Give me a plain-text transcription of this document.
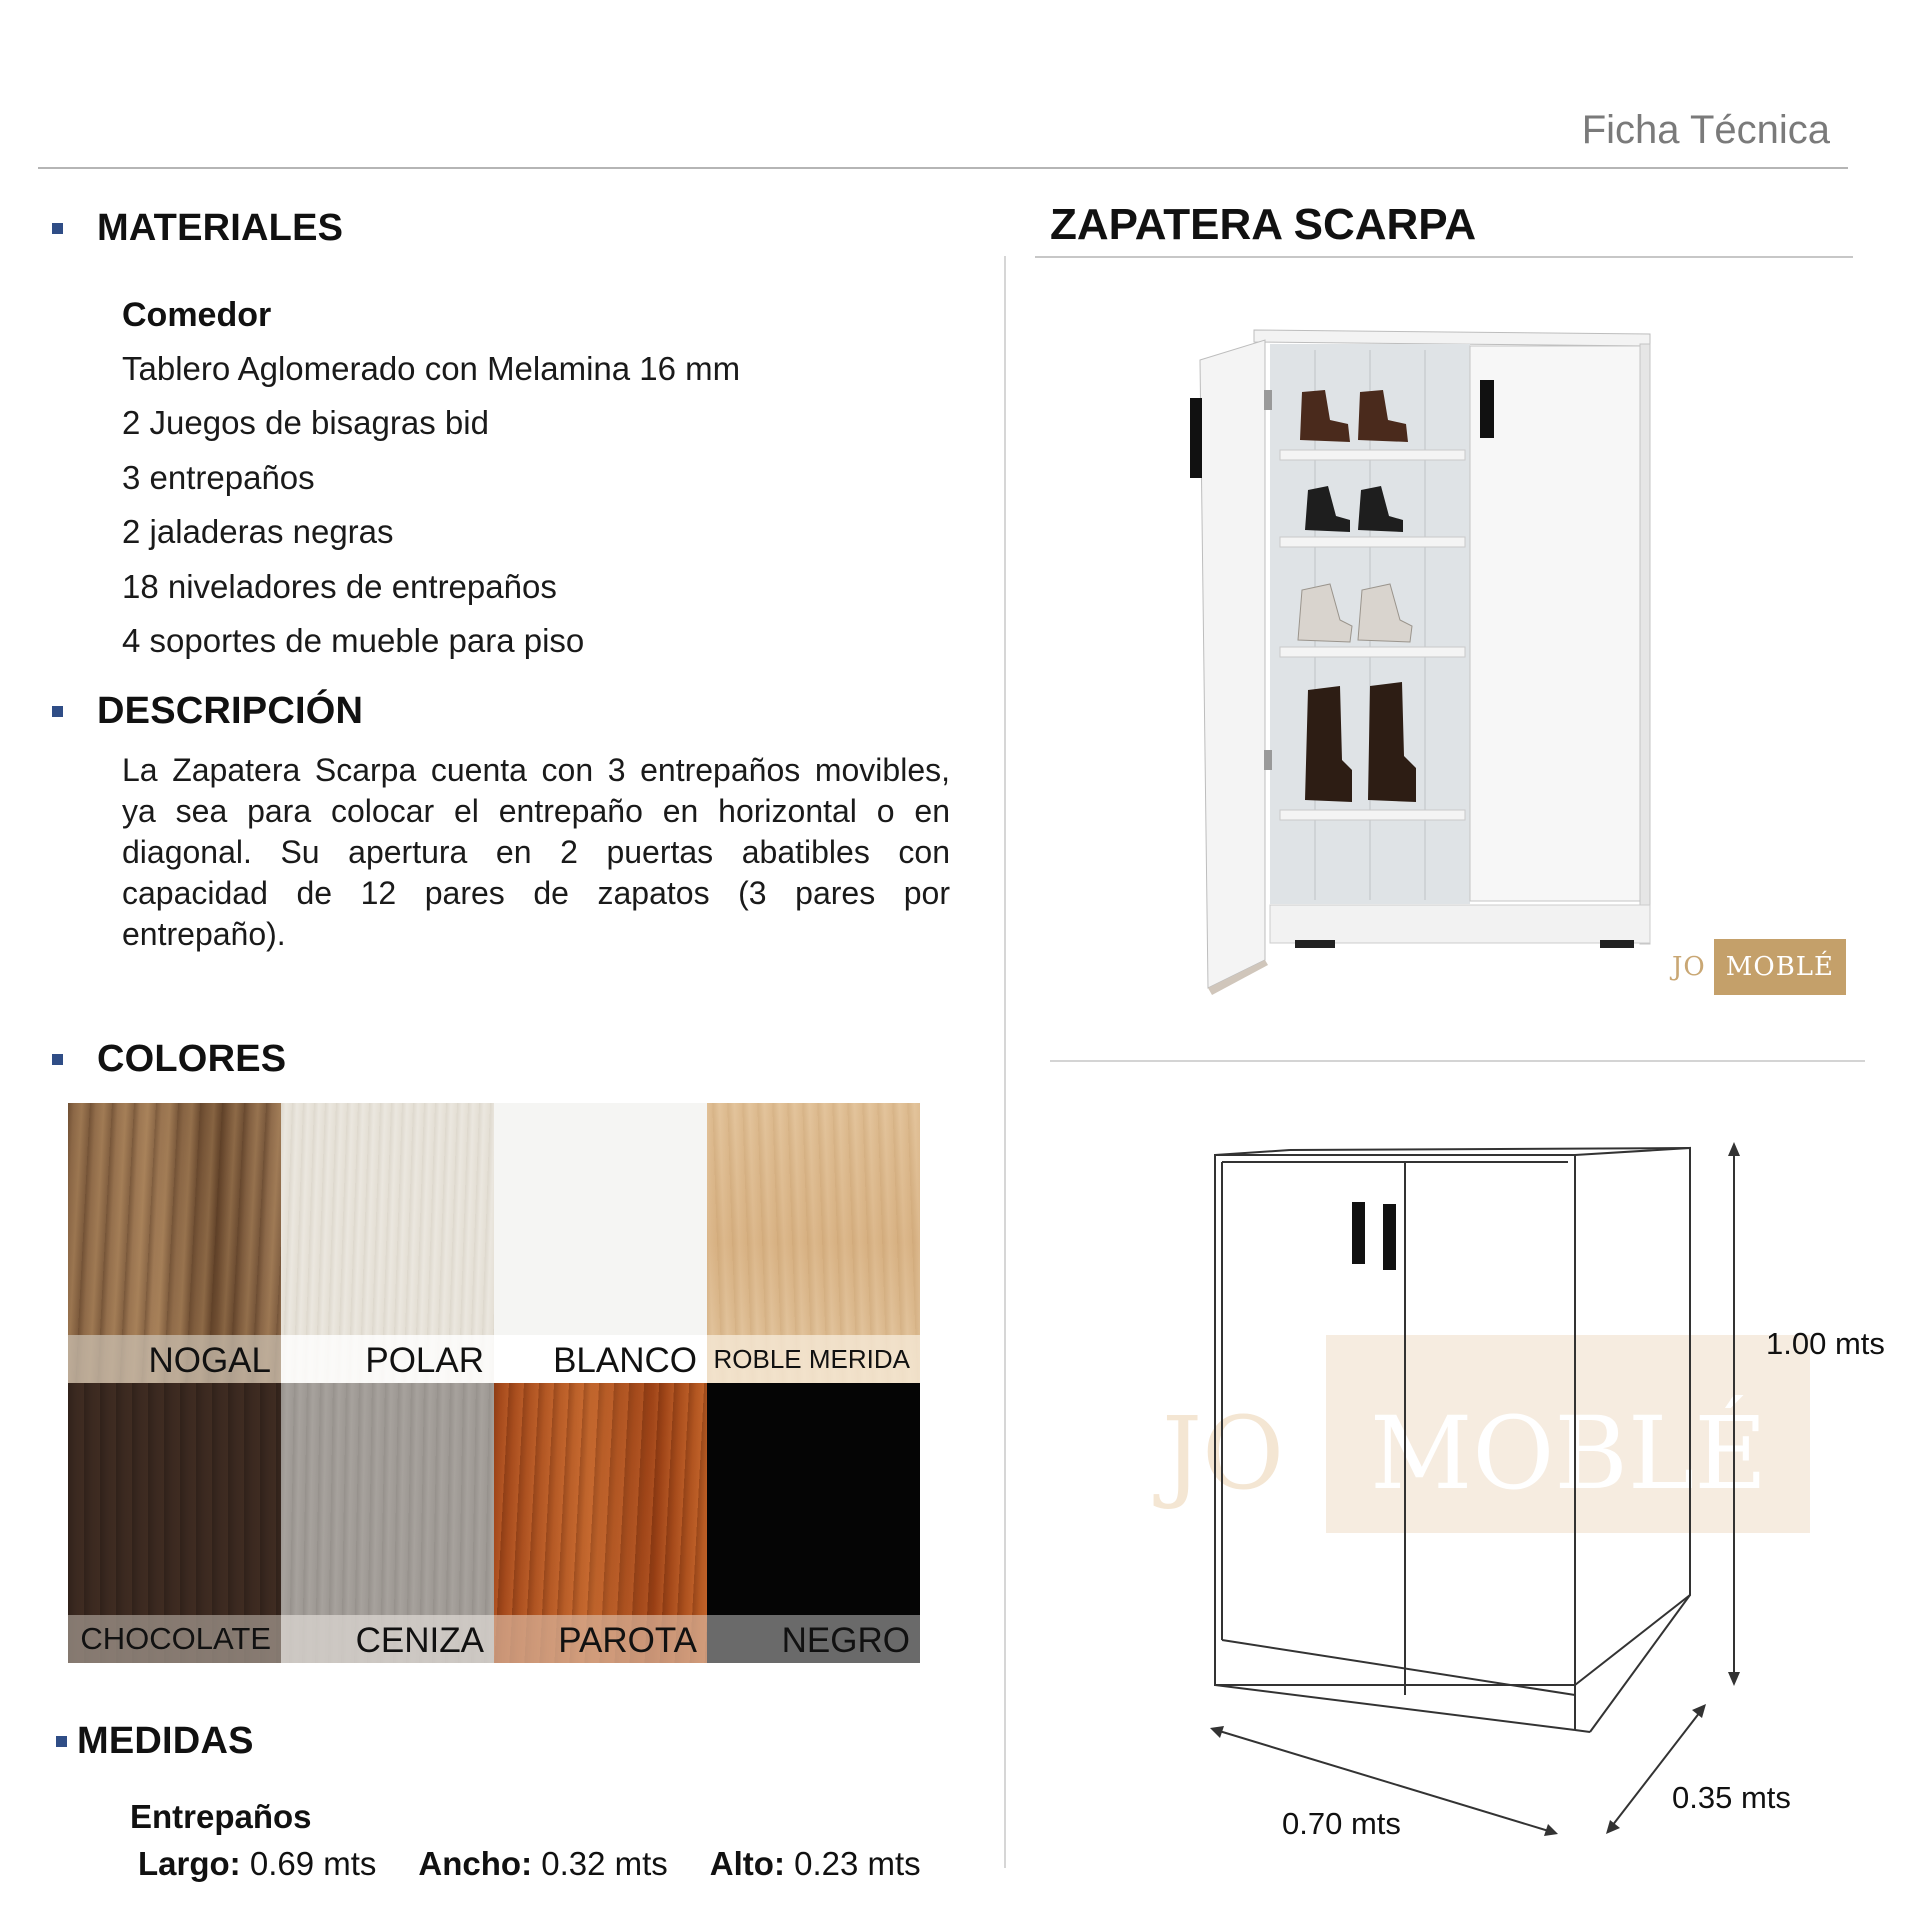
Ficha Técnica
MATERIALES
Comedor
Tablero Aglomerado con Melamina 16 mm
2 Juegos de bisagras bid
3 entrepaños
2 jaladeras negras
18 niveladores de entrepaños
4 soportes de mueble para piso
DESCRIPCIÓN
La Zapatera Scarpa cuenta con 3 entrepaños movibles, ya sea para colocar el entrepaño en horizontal o en diagonal. Su apertura en 2 puertas abatibles con capacidad de 12 pares de zapatos (3 pares por entrepaño).
COLORES
NOGAL	POLAR BLANCO ROBLE MERIDA
CHOCOLATE CENIZA PAROTA NEGRO
MEDIDAS
Entrepaños
Largo: 0.69 mts Ancho: 0.32 mts Alto: 0.23 mts
ZAPATERA SCARPA
JO MOBLÉ
JO MOBLÉ
1.00 mts
0.70 mts
0.35 mts
